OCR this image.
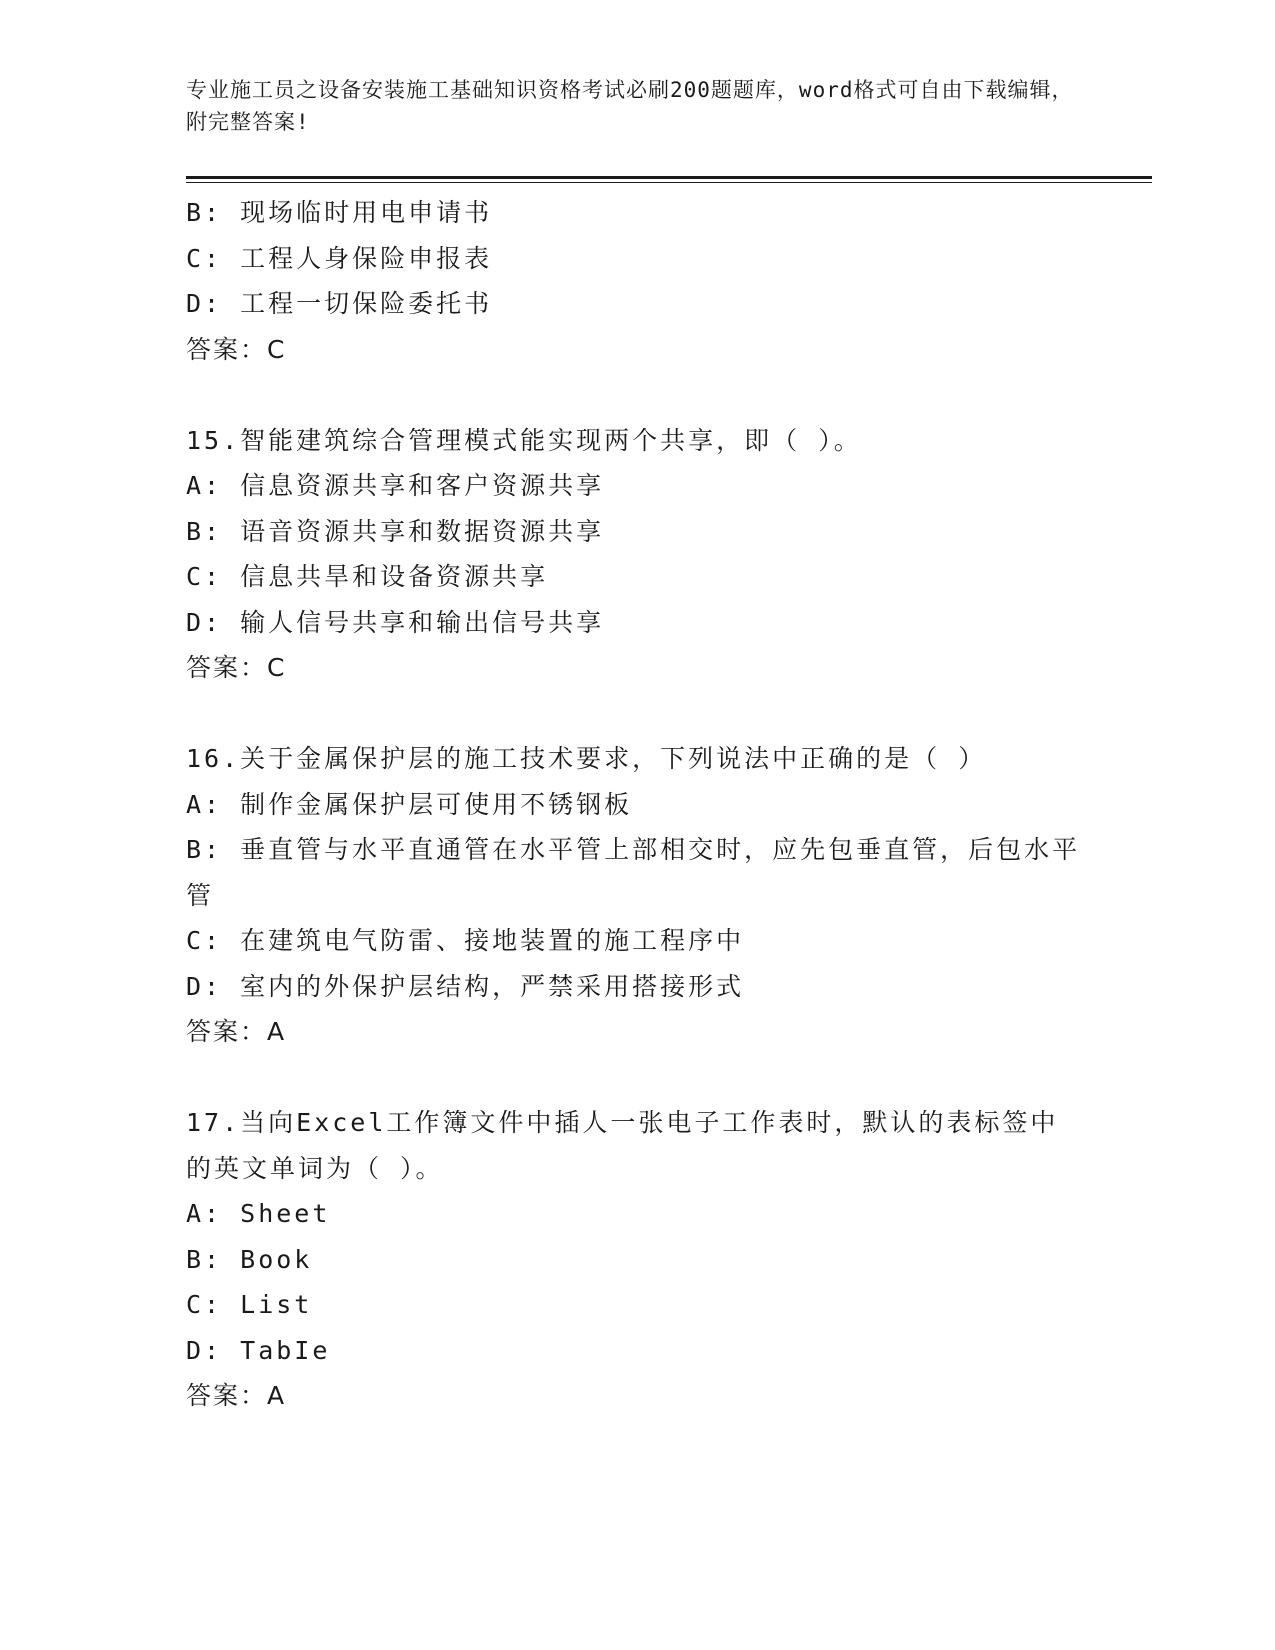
专业施工员之设备安装施工基础知识资格考试必刷200题题库，word格式可自由下载编辑，附完整答案!

B: 现场临时用电申请书

C: 工程人身保险申报表

D: 工程一切保险委托书

答案：C

15.智能建筑综合管理模式能实现两个共享，即（ ）。

A: 信息资源共享和客户资源共享

B: 语音资源共享和数据资源共享

C: 信息共旱和设备资源共享

D: 输人信号共享和输出信号共享

答案：C

16.关于金属保护层的施工技术要求，下列说法中正确的是（ ）

A: 制作金属保护层可使用不锈钢板

B: 垂直管与水平直通管在水平管上部相交时，应先包垂直管，后包水平管

C: 在建筑电气防雷、接地装置的施工程序中

D: 室内的外保护层结构，严禁采用搭接形式

答案：A

17.当向Excel工作簿文件中插人一张电子工作表时，默认的表标签中的英文单词为（ ）。

A: Sheet

B: Book

C: List

D: TabIe

答案：A
